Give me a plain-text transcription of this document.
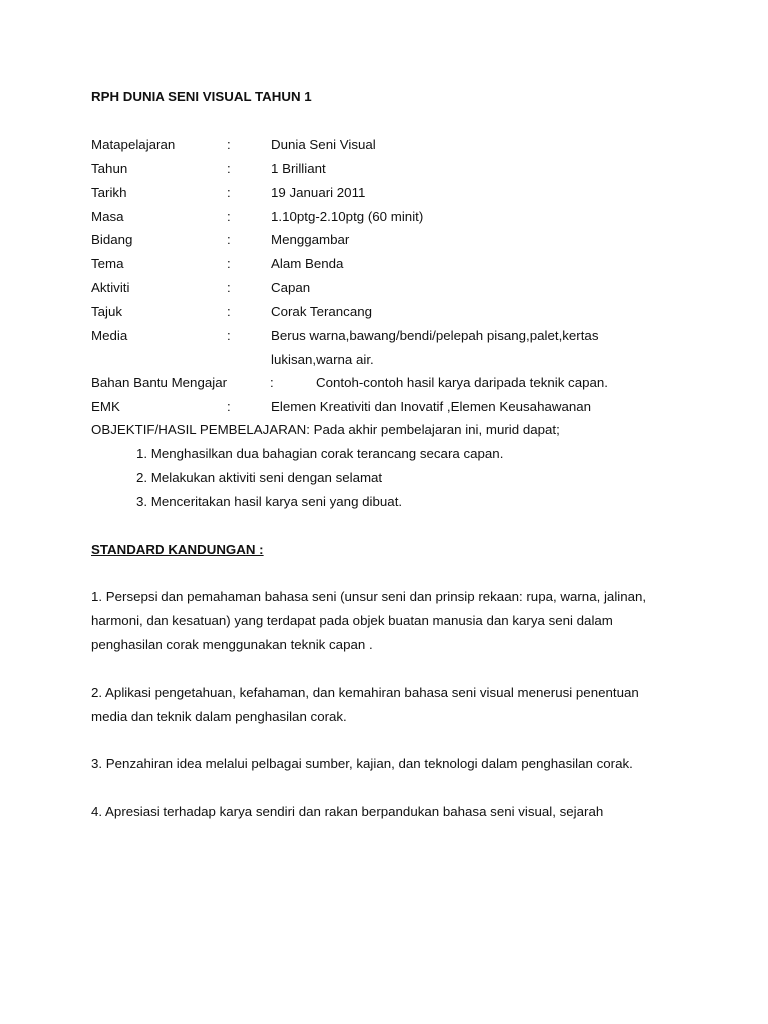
RPH DUNIA SENI VISUAL TAHUN 1
Matapelajaran	:	Dunia Seni Visual
Tahun	:	1 Brilliant
Tarikh	:	19 Januari 2011
Masa	:	1.10ptg-2.10ptg (60 minit)
Bidang	:	Menggambar
Tema	:	Alam Benda
Aktiviti	:	Capan
Tajuk	:	Corak Terancang
Media	:	Berus warna,bawang/bendi/pelepah pisang,palet,kertas
lukisan,warna air.
Bahan Bantu Mengajar	:	Contoh-contoh hasil karya daripada teknik capan.
EMK	:	Elemen Kreativiti dan Inovatif ,Elemen Keusahawanan
OBJEKTIF/HASIL PEMBELAJARAN: Pada akhir pembelajaran ini, murid dapat;
1. Menghasilkan dua bahagian corak terancang secara capan.
2. Melakukan aktiviti seni dengan selamat
3. Menceritakan hasil karya seni yang dibuat.
STANDARD KANDUNGAN :
1. Persepsi dan pemahaman bahasa seni (unsur seni dan prinsip rekaan: rupa, warna, jalinan,
harmoni, dan kesatuan) yang terdapat pada objek buatan manusia dan karya seni dalam
penghasilan corak menggunakan teknik capan .
2. Aplikasi pengetahuan, kefahaman, dan kemahiran bahasa seni visual menerusi penentuan
media dan teknik dalam penghasilan corak.
3. Penzahiran idea melalui pelbagai sumber, kajian, dan teknologi dalam penghasilan corak.
4. Apresiasi terhadap karya sendiri dan rakan berpandukan bahasa seni visual, sejarah
